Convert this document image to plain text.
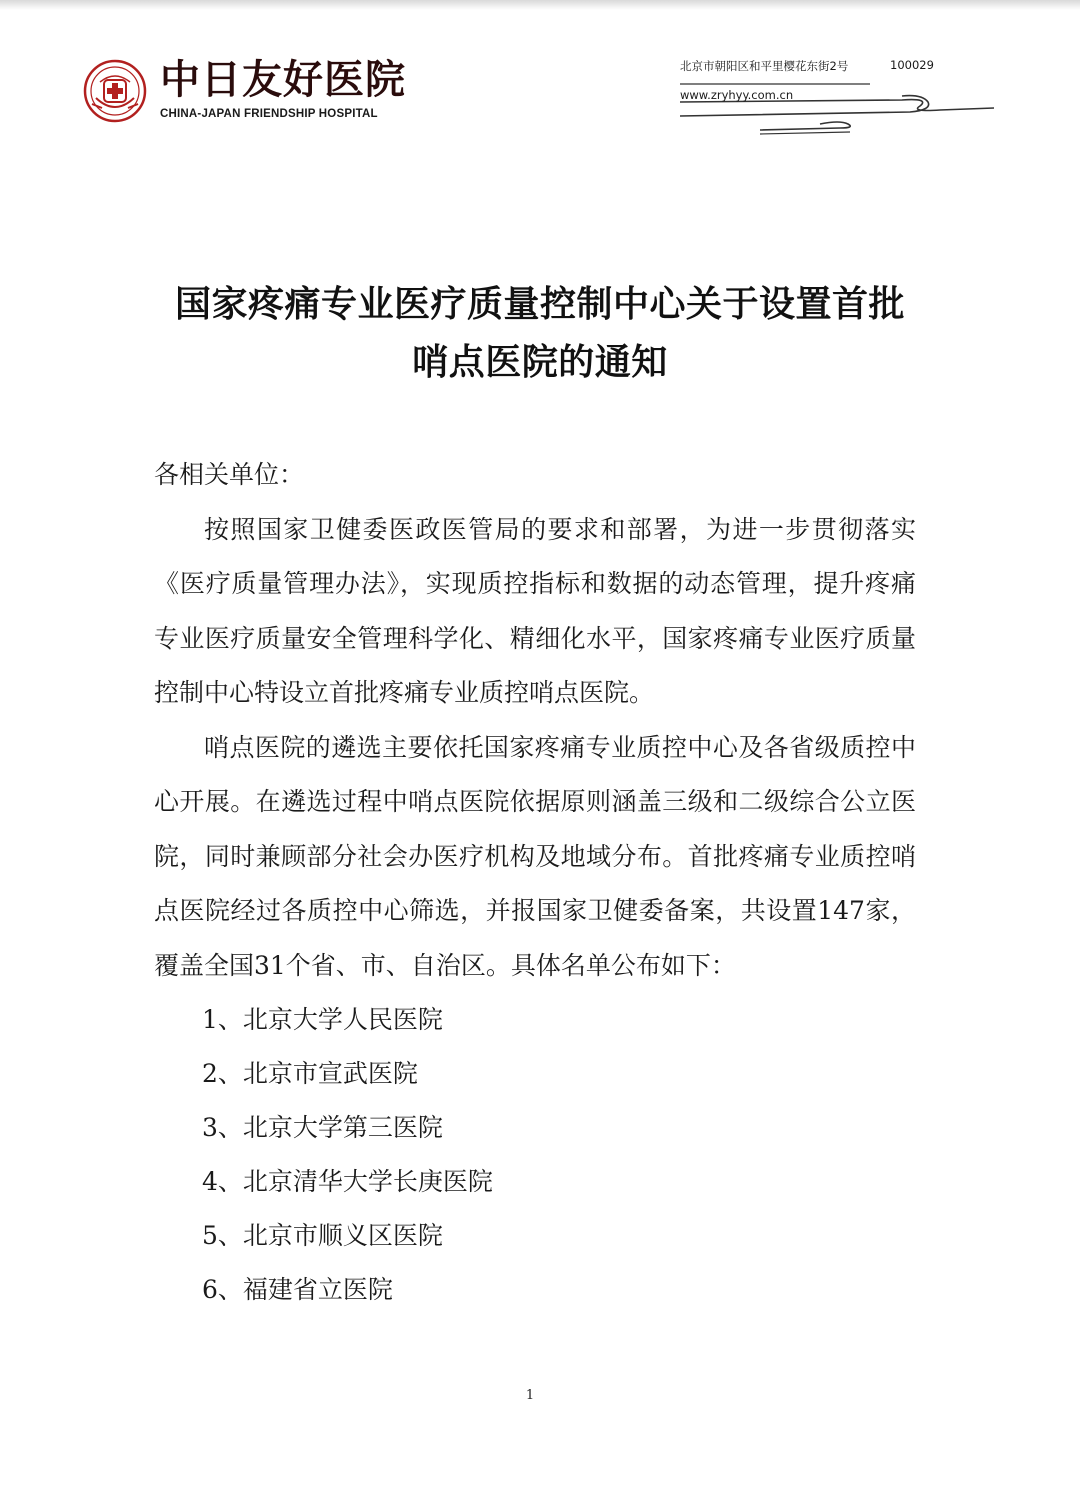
中日友好医院
CHINA-JAPAN FRIENDSHIP HOSPITAL
北京市朝阳区和平里樱花东街2号	100029
www.zryhyy.com.cn
国家疼痛专业医疗质量控制中心关于设置首批
哨点医院的通知

各相关单位：

按照国家卫健委医政医管局的要求和部署，为进一步贯彻落实《医疗质量管理办法》，实现质控指标和数据的动态管理，提升疼痛专业医疗质量安全管理科学化、精细化水平，国家疼痛专业医疗质量控制中心特设立首批疼痛专业质控哨点医院。

哨点医院的遴选主要依托国家疼痛专业质控中心及各省级质控中心开展。在遴选过程中哨点医院依据原则涵盖三级和二级综合公立医院，同时兼顾部分社会办医疗机构及地域分布。首批疼痛专业质控哨点医院经过各质控中心筛选，并报国家卫健委备案，共设置147家，覆盖全国31个省、市、自治区。具体名单公布如下：

1、北京大学人民医院
2、北京市宣武医院
3、北京大学第三医院
4、北京清华大学长庚医院
5、北京市顺义区医院
6、福建省立医院
1
